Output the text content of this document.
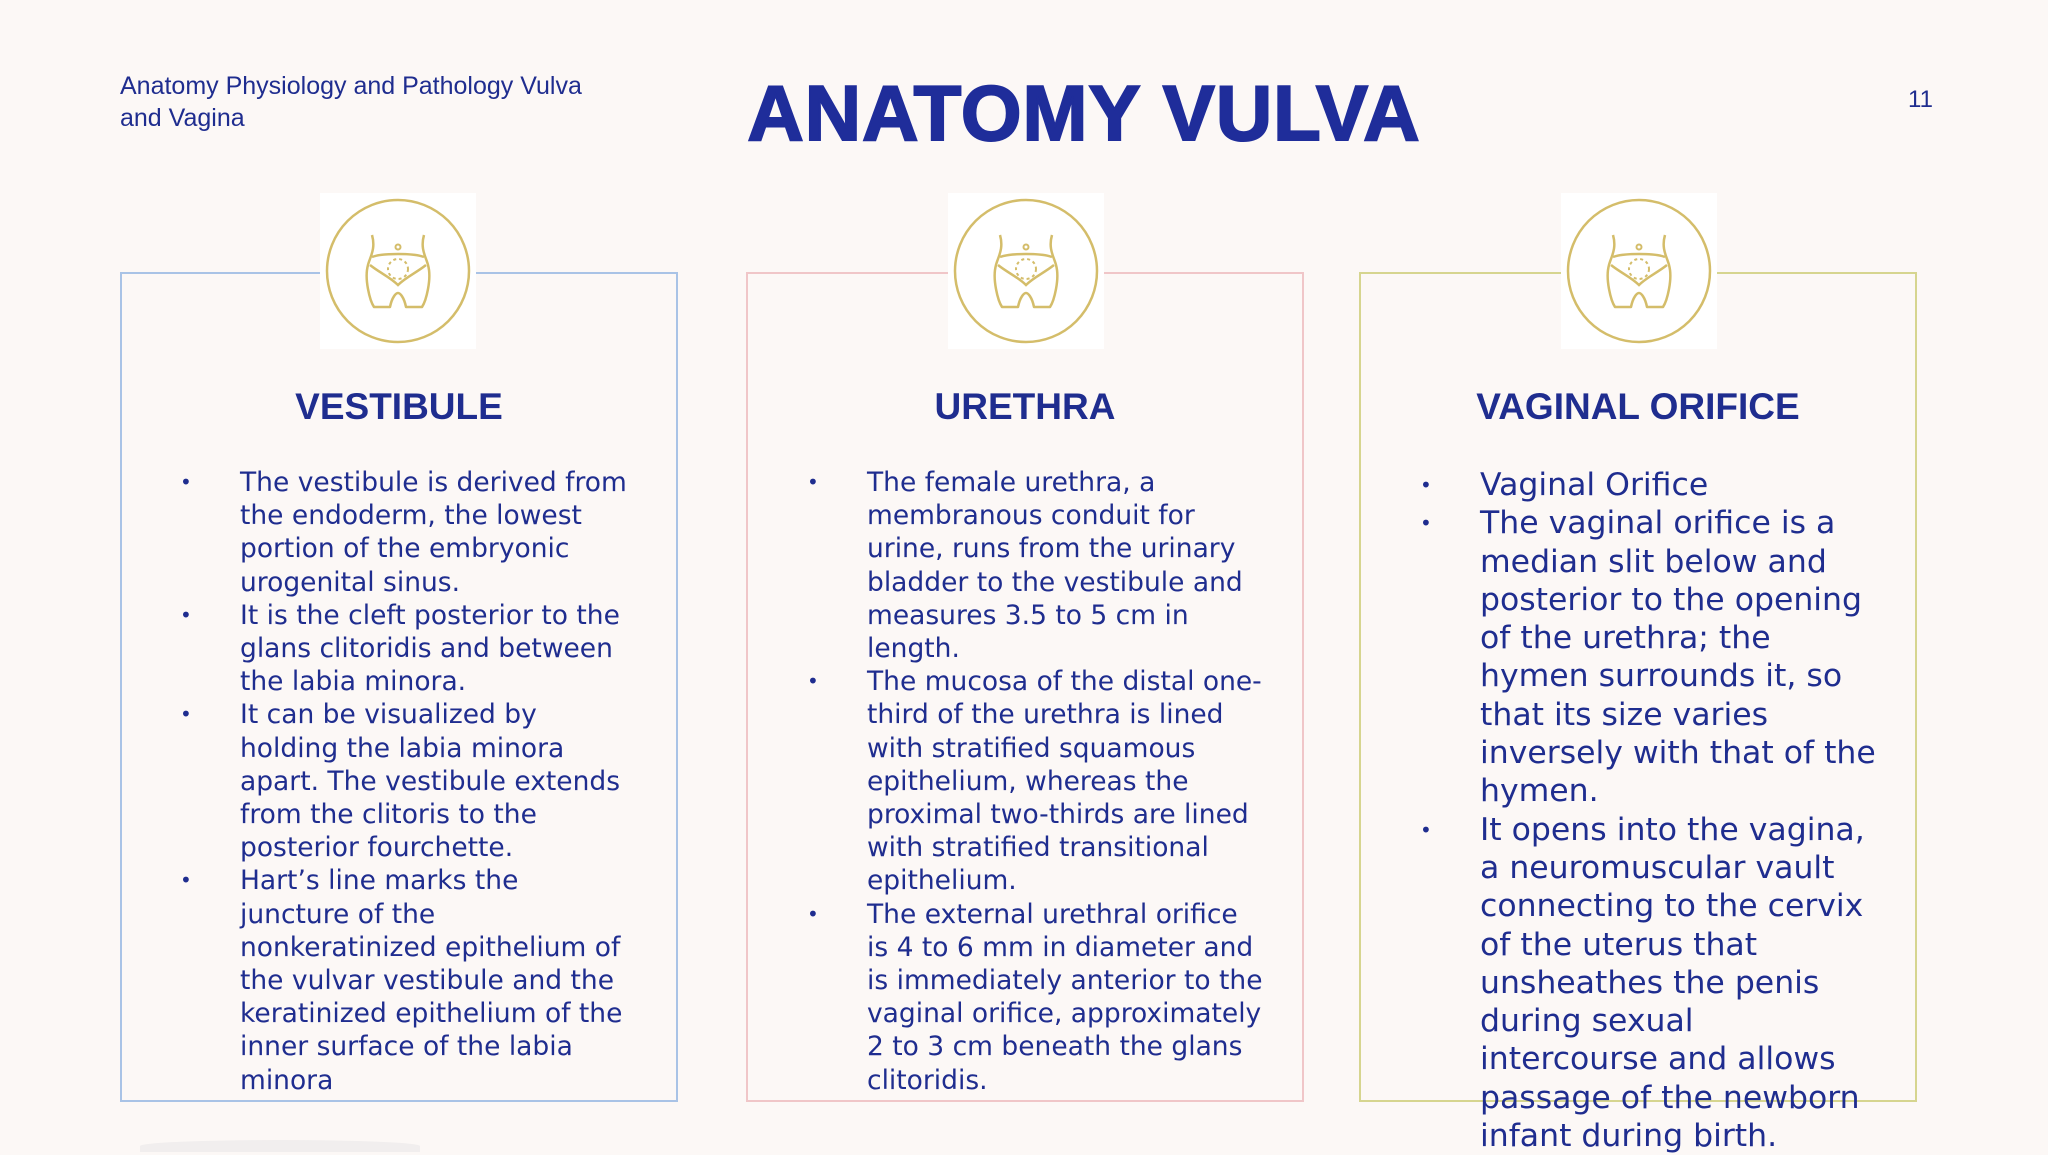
Anatomy Physiology and Pathology Vulva and Vagina	ANATOMY VULVA	11
VESTIBULE	URETHRA	VAGINAL ORIFICE
• The vestibule is derived from the endoderm, the lowest portion of the embryonic urogenital sinus.
• It is the cleft posterior to the glans clitoridis and between the labia minora.
• It can be visualized by holding the labia minora apart. The vestibule extends from the clitoris to the posterior fourchette.
• Hart’s line marks the juncture of the nonkeratinized epithelium of the vulvar vestibule and the keratinized epithelium of the inner surface of the labia minora
• The female urethra, a membranous conduit for urine, runs from the urinary bladder to the vestibule and measures 3.5 to 5 cm in length.
• The mucosa of the distal one-third of the urethra is lined with stratified squamous epithelium, whereas the proximal two-thirds are lined with stratified transitional epithelium.
• The external urethral orifice is 4 to 6 mm in diameter and is immediately anterior to the vaginal orifice, approximately 2 to 3 cm beneath the glans clitoridis.
• Vaginal Orifice
• The vaginal orifice is a median slit below and posterior to the opening of the urethra; the hymen surrounds it, so that its size varies inversely with that of the hymen.
• It opens into the vagina, a neuromuscular vault connecting to the cervix of the uterus that unsheathes the penis during sexual intercourse and allows passage of the newborn infant during birth.
